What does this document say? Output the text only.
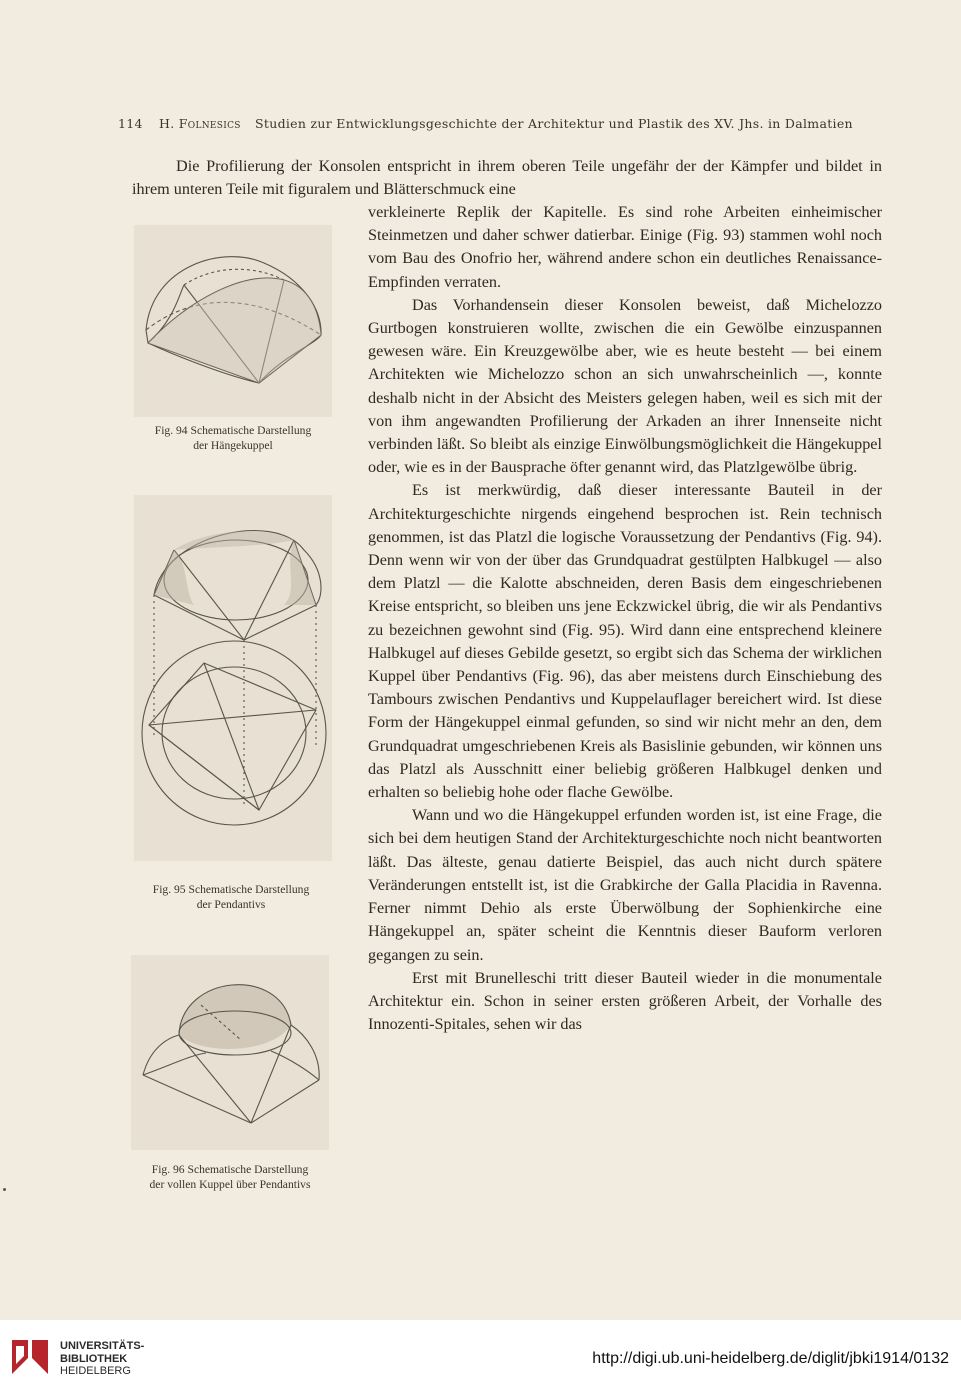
114 H. Folnesics Studien zur Entwicklungsgeschichte der Architektur und Plastik des XV. Jhs. in Dalmatien

Die Profilierung der Konsolen entspricht in ihrem oberen Teile ungefähr der der Kämpfer und bildet in ihrem unteren Teile mit figuralem und Blätterschmuck eine

verkleinerte Replik der Kapitelle. Es sind rohe Arbeiten einheimischer Steinmetzen und daher schwer datierbar. Einige (Fig. 93) stammen wohl noch vom Bau des Onofrio her, während andere schon ein deutliches Renaissance-Empfinden verraten.

Das Vorhandensein dieser Konsolen beweist, daß Michelozzo Gurtbogen konstruieren wollte, zwischen die ein Gewölbe einzuspannen gewesen wäre. Ein Kreuzgewölbe aber, wie es heute besteht — bei einem Architekten wie Michelozzo schon an sich unwahrscheinlich —, konnte deshalb nicht in der Absicht des Meisters gelegen haben, weil es sich mit der von ihm angewandten Profilierung der Arkaden an ihrer Innenseite nicht verbinden läßt. So bleibt als einzige Einwölbungsmöglichkeit die Hängekuppel oder, wie es in der Bausprache öfter genannt wird, das Platzlgewölbe übrig.

Es ist merkwürdig, daß dieser interessante Bauteil in der Architekturgeschichte nirgends eingehend besprochen ist. Rein technisch genommen, ist das Platzl die logische Voraussetzung der Pendantivs (Fig. 94). Denn wenn wir von der über das Grundquadrat gestülpten Halbkugel — also dem Platzl — die Kalotte abschneiden, deren Basis dem eingeschriebenen Kreise entspricht, so bleiben uns jene Eckzwickel übrig, die wir als Pendantivs zu bezeichnen gewohnt sind (Fig. 95). Wird dann eine entsprechend kleinere Halbkugel auf dieses Gebilde gesetzt, so ergibt sich das Schema der wirklichen Kuppel über Pendantivs (Fig. 96), das aber meistens durch Einschiebung des Tambours zwischen Pendantivs und Kuppelauflager bereichert wird. Ist diese Form der Hängekuppel einmal gefunden, so sind wir nicht mehr an den, dem Grundquadrat umgeschriebenen Kreis als Basislinie gebunden, wir können uns das Platzl als Ausschnitt einer beliebig größeren Halbkugel denken und erhalten so beliebig hohe oder flache Gewölbe.

Wann und wo die Hängekuppel erfunden worden ist, ist eine Frage, die sich bei dem heutigen Stand der Architekturgeschichte noch nicht beantworten läßt. Das älteste, genau datierte Beispiel, das auch nicht durch spätere Veränderungen entstellt ist, ist die Grabkirche der Galla Placidia in Ravenna. Ferner nimmt Dehio als erste Überwölbung der Sophienkirche eine Hängekuppel an, später scheint die Kenntnis dieser Bauform verloren gegangen zu sein.

Erst mit Brunelleschi tritt dieser Bauteil wieder in die monumentale Architektur ein. Schon in seiner ersten größeren Arbeit, der Vorhalle des Innozenti-Spitales, sehen wir das

Fig. 94 Schematische Darstellung
der Hängekuppel
Fig. 95 Schematische Darstellung
der Pendantivs
Fig. 96 Schematische Darstellung
der vollen Kuppel über Pendantivs
UNIVERSITÄTS-
BIBLIOTHEK
HEIDELBERG
http://digi.ub.uni-heidelberg.de/diglit/jbki1914/0132
